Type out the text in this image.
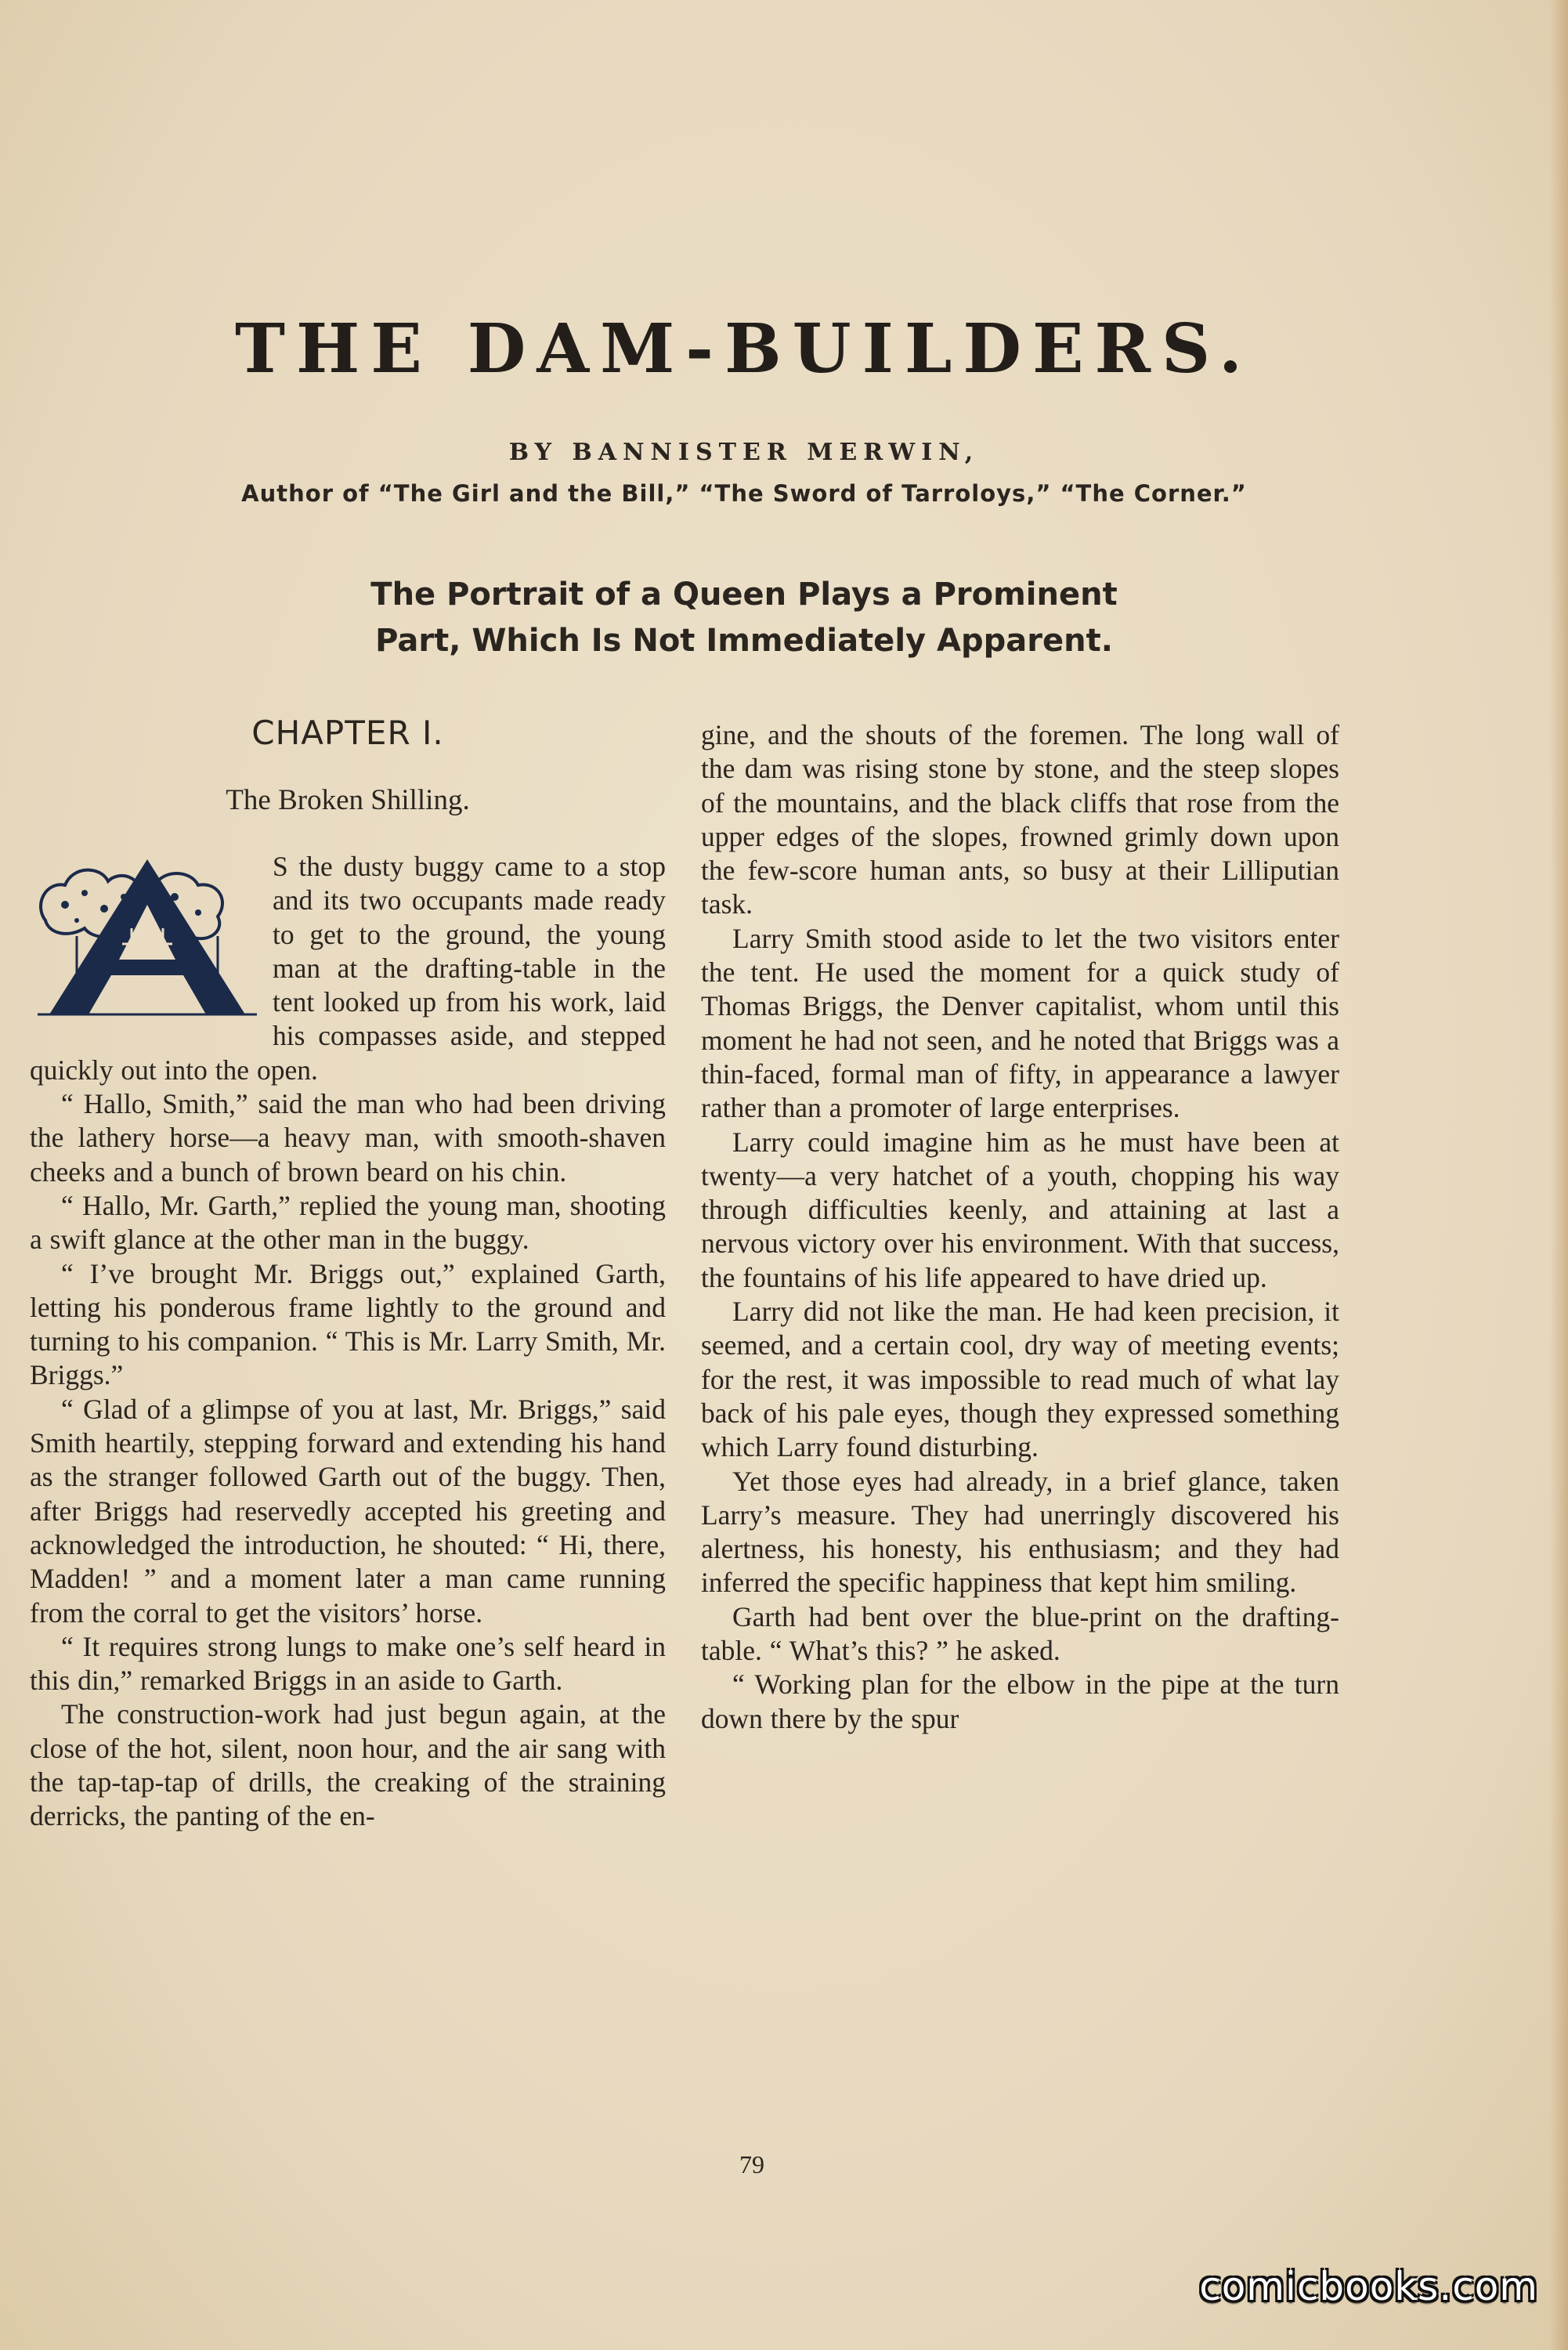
THE DAM-BUILDERS.
BY BANNISTER MERWIN,
Author of “The Girl and the Bill,” “The Sword of Tarroloys,” “The Corner.”
The Portrait of a Queen Plays a Prominent
Part, Which Is Not Immediately Apparent.
CHAPTER I.
The Broken Shilling.

S the dusty buggy came to a stop and its two occupants made ready to get to the ground, the young man at the drafting-table in the tent looked up from his work, laid his compasses aside, and stepped quickly out into the open.

“ Hallo, Smith,” said the man who had been driving the lathery horse—a heavy man, with smooth-shaven cheeks and a bunch of brown beard on his chin.

“ Hallo, Mr. Garth,” replied the young man, shooting a swift glance at the other man in the buggy.

“ I’ve brought Mr. Briggs out,” explained Garth, letting his ponderous frame lightly to the ground and turning to his companion. “ This is Mr. Larry Smith, Mr. Briggs.”

“ Glad of a glimpse of you at last, Mr. Briggs,” said Smith heartily, stepping forward and extending his hand as the stranger followed Garth out of the buggy. Then, after Briggs had reservedly accepted his greeting and acknowledged the introduction, he shouted: “ Hi, there, Madden! ” and a moment later a man came running from the corral to get the visitors’ horse.

“ It requires strong lungs to make one’s self heard in this din,” remarked Briggs in an aside to Garth.

The construction-work had just begun again, at the close of the hot, silent, noon hour, and the air sang with the tap-tap-tap of drills, the creaking of the straining derricks, the panting of the en-

gine, and the shouts of the foremen. The long wall of the dam was rising stone by stone, and the steep slopes of the mountains, and the black cliffs that rose from the upper edges of the slopes, frowned grimly down upon the few-score human ants, so busy at their Lilliputian task.

Larry Smith stood aside to let the two visitors enter the tent. He used the moment for a quick study of Thomas Briggs, the Denver capitalist, whom until this moment he had not seen, and he noted that Briggs was a thin-faced, formal man of fifty, in appearance a lawyer rather than a promoter of large enterprises.

Larry could imagine him as he must have been at twenty—a very hatchet of a youth, chopping his way through difficulties keenly, and attaining at last a nervous victory over his environment. With that success, the fountains of his life appeared to have dried up.

Larry did not like the man. He had keen precision, it seemed, and a certain cool, dry way of meeting events; for the rest, it was impossible to read much of what lay back of his pale eyes, though they expressed something which Larry found disturbing.

Yet those eyes had already, in a brief glance, taken Larry’s measure. They had unerringly discovered his alertness, his honesty, his enthusiasm; and they had inferred the specific happiness that kept him smiling.

Garth had bent over the blue-print on the drafting-table. “ What’s this? ” he asked.

“ Working plan for the elbow in the pipe at the turn down there by the spur

79
comicbooks.com
